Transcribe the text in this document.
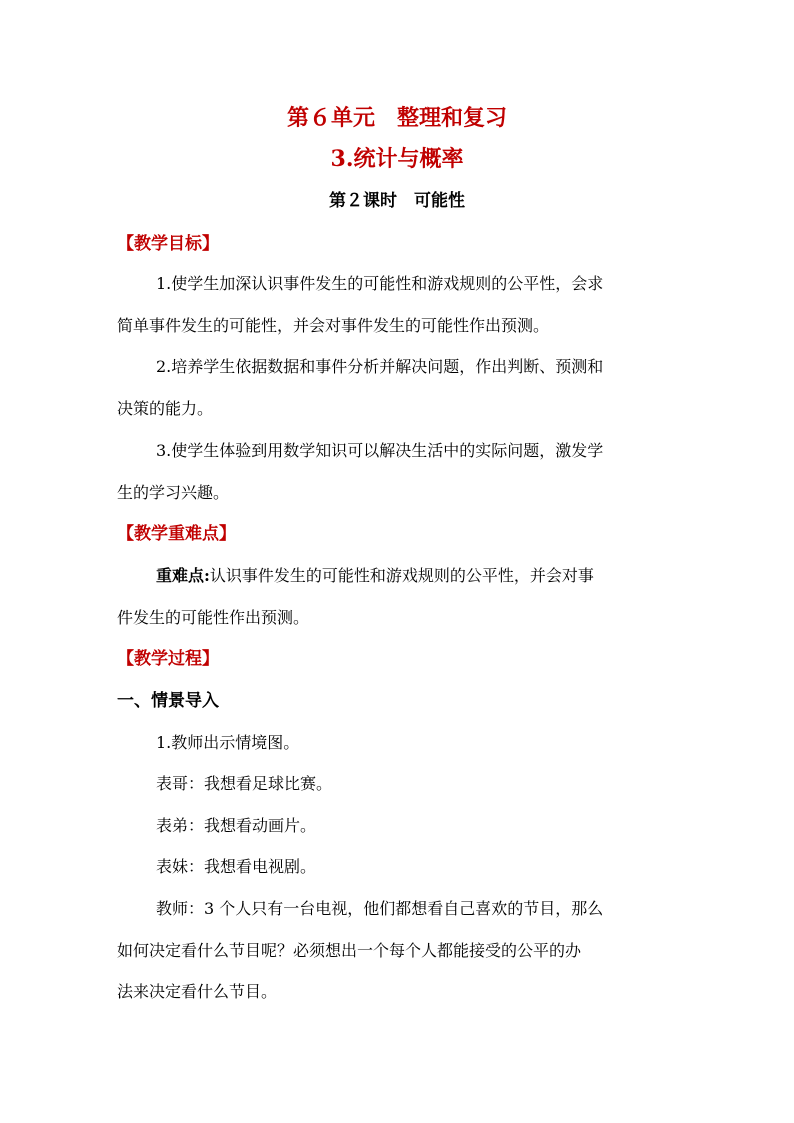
第６单元　整理和复习
3.统计与概率
第２课时　可能性
【教学目标】
1.使学生加深认识事件发生的可能性和游戏规则的公平性，会求
简单事件发生的可能性，并会对事件发生的可能性作出预测。
2.培养学生依据数据和事件分析并解决问题，作出判断、预测和
决策的能力。
3.使学生体验到用数学知识可以解决生活中的实际问题，激发学
生的学习兴趣。
【教学重难点】
重难点:认识事件发生的可能性和游戏规则的公平性，并会对事
件发生的可能性作出预测。
【教学过程】
一、情景导入
1.教师出示情境图。
表哥：我想看足球比赛。
表弟：我想看动画片。
表妹：我想看电视剧。
教师：3 个人只有一台电视，他们都想看自己喜欢的节目，那么
如何决定看什么节目呢？必须想出一个每个人都能接受的公平的办
法来决定看什么节目。
